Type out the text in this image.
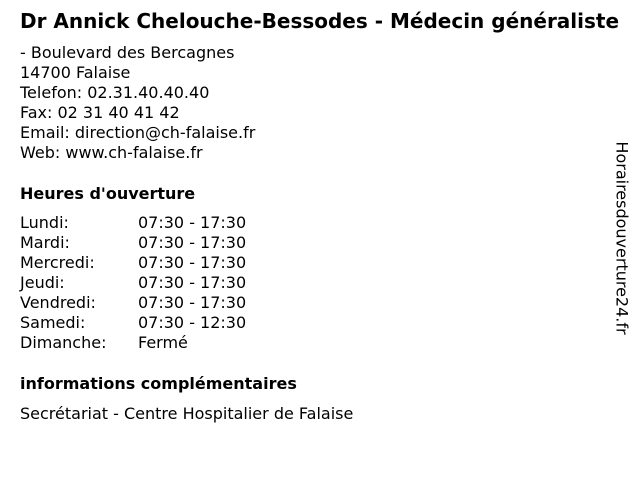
Dr Annick Chelouche-Bessodes - Médecin généraliste
- Boulevard des Bercagnes
14700 Falaise
Telefon: 02.31.40.40.40
Fax: 02 31 40 41 42
Email: direction@ch-falaise.fr
Web: www.ch-falaise.fr
Heures d'ouverture
Lundi:	07:30 - 17:30
Mardi:	07:30 - 17:30
Mercredi:	07:30 - 17:30
Jeudi:	07:30 - 17:30
Vendredi:	07:30 - 17:30
Samedi:	07:30 - 12:30
Dimanche: Fermé
informations complémentaires
Secrétariat - Centre Hospitalier de Falaise
Horairesdouverture24.fr
